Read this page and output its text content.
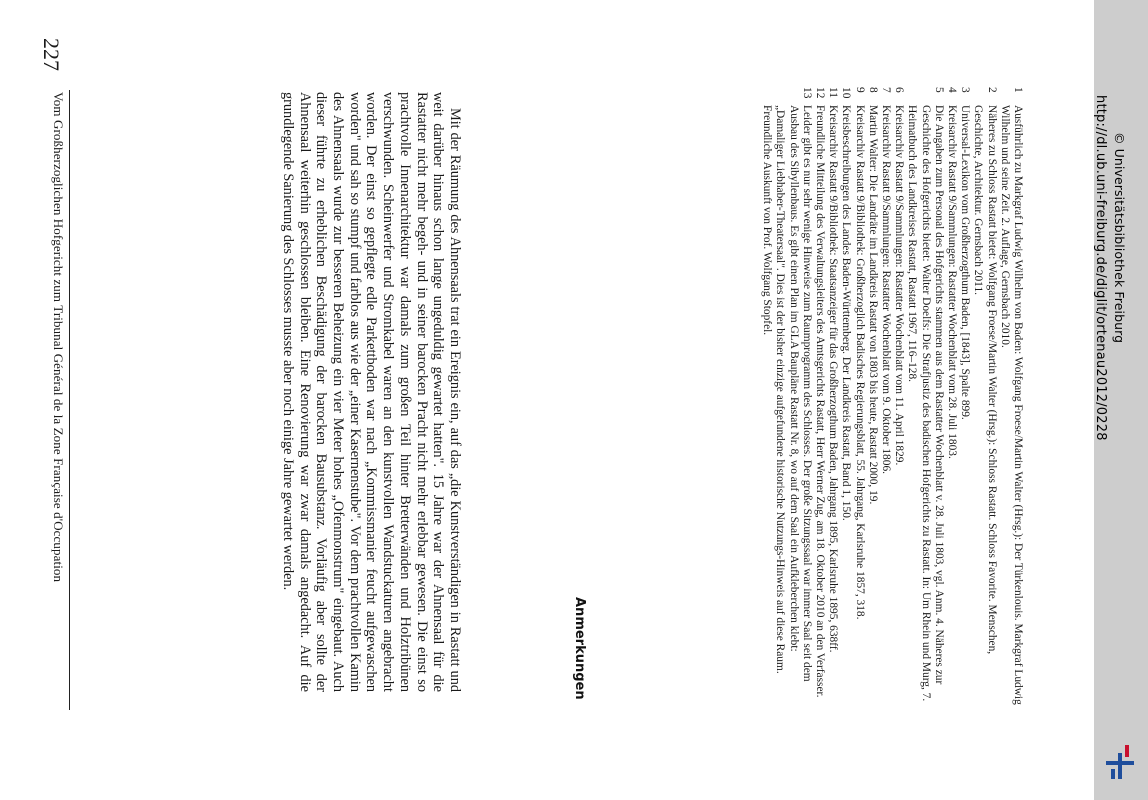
Vom Großherzoglichen Hofgericht zum Tribunal Général de la Zone Française d'Occupation
227

Mit der Räumung des Ahnensaals trat ein Ereignis ein, auf das „die Kunstverständigen in Rastatt und weit darüber hinaus schon lange ungeduldig gewartet hatten". 15 Jahre war der Ahnensaal für die Rastatter nicht mehr begeh- und in seiner barocken Pracht nicht mehr erlebbar gewesen. Die einst so prachtvolle Innenarchitektur war damals zum großen Teil hinter Bretterwänden und Holztribünen verschwunden. Scheinwerfer und Stromkabel waren an den kunstvollen Wandstuckaturen angebracht worden. Der einst so gepflegte edle Parkettboden war nach „Kommissmanier feucht aufgewaschen worden" und sah so stumpf und farblos aus wie der „einer Kasernenstube". Vor dem prachtvollen Kamin des Ahnensaals wurde zur besseren Beheizung ein vier Meter hohes „Ofenmonstrum" eingebaut. Auch dieser führte zu erheblichen Beschädigung der barocken Bausubstanz. Vorläufig aber sollte der Ahnensaal weiterhin geschlossen bleiben. Eine Renovierung war zwar damals angedacht. Auf die grundlegende Sanierung des Schlosses musste aber noch einige Jahre gewartet werden.

Anmerkungen
1
Ausführlich zu Markgraf Ludwig Wilhelm von Baden: Wolfgang Froese/Martin Walter (Hrsg.): Der Türkenlouis. Markgraf Ludwig Wilhelm und seine Zeit. 2. Auflage, Gernsbach 2010.
2
Näheres zu Schloss Rastatt bietet: Wolfgang Froese/Martin Walter (Hrsg.): Schloss Rastatt. Schloss Favorite. Menschen, Geschichte, Architektur. Gernsbach 2011.
3
Universal-Lexikon vom Großherzogthum Baden, [1843], Spalte 899.
4
Kreisarchiv Rastatt 9/Sammlungen: Rastatter Wochenblatt vom 28. Juli 1803.
5
Die Angaben zum Personal des Hofgerichts stammen aus dem Rastatter Wochenblatt v. 28. Juli 1803, vgl. Anm. 4. Näheres zur Geschichte des Hofgerichts bietet: Walter Doelfs: Die Strafjustiz des badischen Hofgerichts zu Rastatt. In: Um Rhein und Murg, 7. Heimatbuch des Landkreises Rastatt, Rastatt 1967, 116–128.
6
Kreisarchiv Rastatt 9/Sammlungen: Rastatter Wochenblatt vom 11. April 1829.
7
Kreisarchiv Rastatt 9/Sammlungen: Rastatter Wochenblatt vom 9. Oktober 1806.
8
Martin Walter: Die Landräte im Landkreis Rastatt von 1803 bis heute, Rastatt 2000, 19.
9
Kreisarchiv Rastatt 9/Bibliothek: Großherzoglich Badisches Regierungsblatt, 55. Jahrgang, Karlsruhe 1857, 318.
10
Kreisbeschreibungen des Landes Baden-Württemberg. Der Landkreis Rastatt, Band 1, 150.
11
Kreisarchiv Rastatt 9/Bibliothek: Staatsanzeiger für das Großherzogthum Baden, Jahrgang 1895, Karlsruhe 1895, 638ff.
12
Freundliche Mitteilung des Verwaltungsleiters des Amtsgerichts Rastatt, Herr Werner Zug, am 18. Oktober 2010 an den Verfasser.
13
Leider gibt es nur sehr wenige Hinweise zum Raumprogramm des Schlosses. Der große Sitzungssaal war immer Saal seit dem Ausbau des Sibyllenbaus. Es gibt einen Plan im GLA Baupläne Rastatt Nr. 8, wo auf dem Saal ein Aufkleberchen klebt: „Damaliger Liebhaber-Theatersaal". Dies ist der bisher einzige aufgefundene historische Nutzungs-Hinweis auf diese Raum. Freundliche Auskunft von Prof. Wolfgang Stopfel.	http://dl.ub.uni-freiburg.de/diglit/ortenau2012/0228 © Universitätsbibliothek Freiburg
